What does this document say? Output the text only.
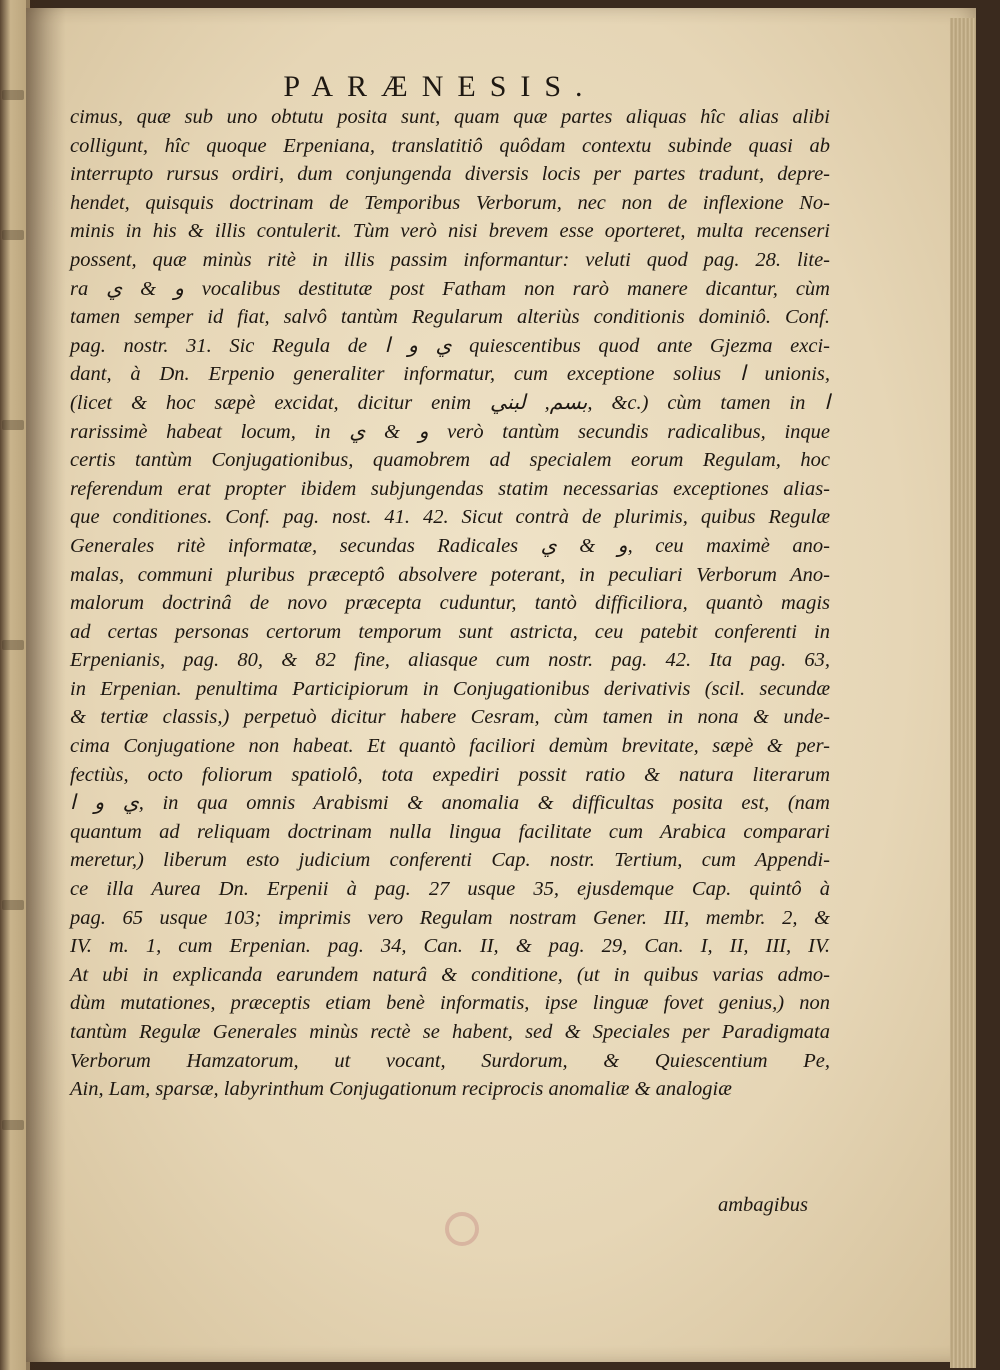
PARÆNESIS.
cimus, quæ sub uno obtutu posita sunt, quam quæ partes aliquas hîc alias alibi
colligunt, hîc quoque Erpeniana, translatitiô quôdam contextu subinde quasi ab
interrupto rursus ordiri, dum conjungenda diversis locis per partes tradunt, depre-
hendet, quisquis doctrinam de Temporibus Verborum, nec non de inflexione No-
minis in his & illis contulerit. Tùm verò nisi brevem esse oporteret, multa recenseri
possent, quæ minùs ritè in illis passim informantur: veluti quod pag. 28. lite-
ra و & ي vocalibus destitutæ post Fatham non rarò manere dicantur, cùm
tamen semper id fiat, salvô tantùm Regularum alteriùs conditionis dominiô. Conf.
pag. nostr. 31. Sic Regula de ي و ا quiescentibus quod ante Gjezma exci-
dant, à Dn. Erpenio generaliter informatur, cum exceptione solius ا unionis,
(licet & hoc sæpè excidat, dicitur enim بسم, لبني, &c.) cùm tamen in ا
rarissimè habeat locum, in و & ي verò tantùm secundis radicalibus, inque
certis tantùm Conjugationibus, quamobrem ad specialem eorum Regulam, hoc
referendum erat propter ibidem subjungendas statim necessarias exceptiones alias-
que conditiones. Conf. pag. nost. 41. 42. Sicut contrà de plurimis, quibus Regulæ
Generales ritè informatæ, secundas Radicales و & ي, ceu maximè ano-
malas, communi pluribus præceptô absolvere poterant, in peculiari Verborum Ano-
malorum doctrinâ de novo præcepta cuduntur, tantò difficiliora, quantò magis
ad certas personas certorum temporum sunt astricta, ceu patebit conferenti in
Erpenianis, pag. 80, & 82 fine, aliasque cum nostr. pag. 42. Ita pag. 63,
in Erpenian. penultima Participiorum in Conjugationibus derivativis (scil. secundæ
& tertiæ classis,) perpetuò dicitur habere Cesram, cùm tamen in nona & unde-
cima Conjugatione non habeat. Et quantò faciliori demùm brevitate, sæpè & per-
fectiùs, octo foliorum spatiolô, tota expediri possit ratio & natura literarum
ي و ا, in qua omnis Arabismi & anomalia & difficultas posita est, (nam
quantum ad reliquam doctrinam nulla lingua facilitate cum Arabica comparari
meretur,) liberum esto judicium conferenti Cap. nostr. Tertium, cum Appendi-
ce illa Aurea Dn. Erpenii à pag. 27 usque 35, ejusdemque Cap. quintô à
pag. 65 usque 103; imprimis vero Regulam nostram Gener. III, membr. 2, &
IV. m. 1, cum Erpenian. pag. 34, Can. II, & pag. 29, Can. I, II, III, IV.
At ubi in explicanda earundem naturâ & conditione, (ut in quibus varias admo-
dùm mutationes, præceptis etiam benè informatis, ipse linguæ fovet genius,) non
tantùm Regulæ Generales minùs rectè se habent, sed & Speciales per Paradigmata
Verborum Hamzatorum, ut vocant, Surdorum, & Quiescentium Pe,
Ain, Lam, sparsæ, labyrinthum Conjugationum reciprocis anomaliæ & analogiæ
ambagibus
